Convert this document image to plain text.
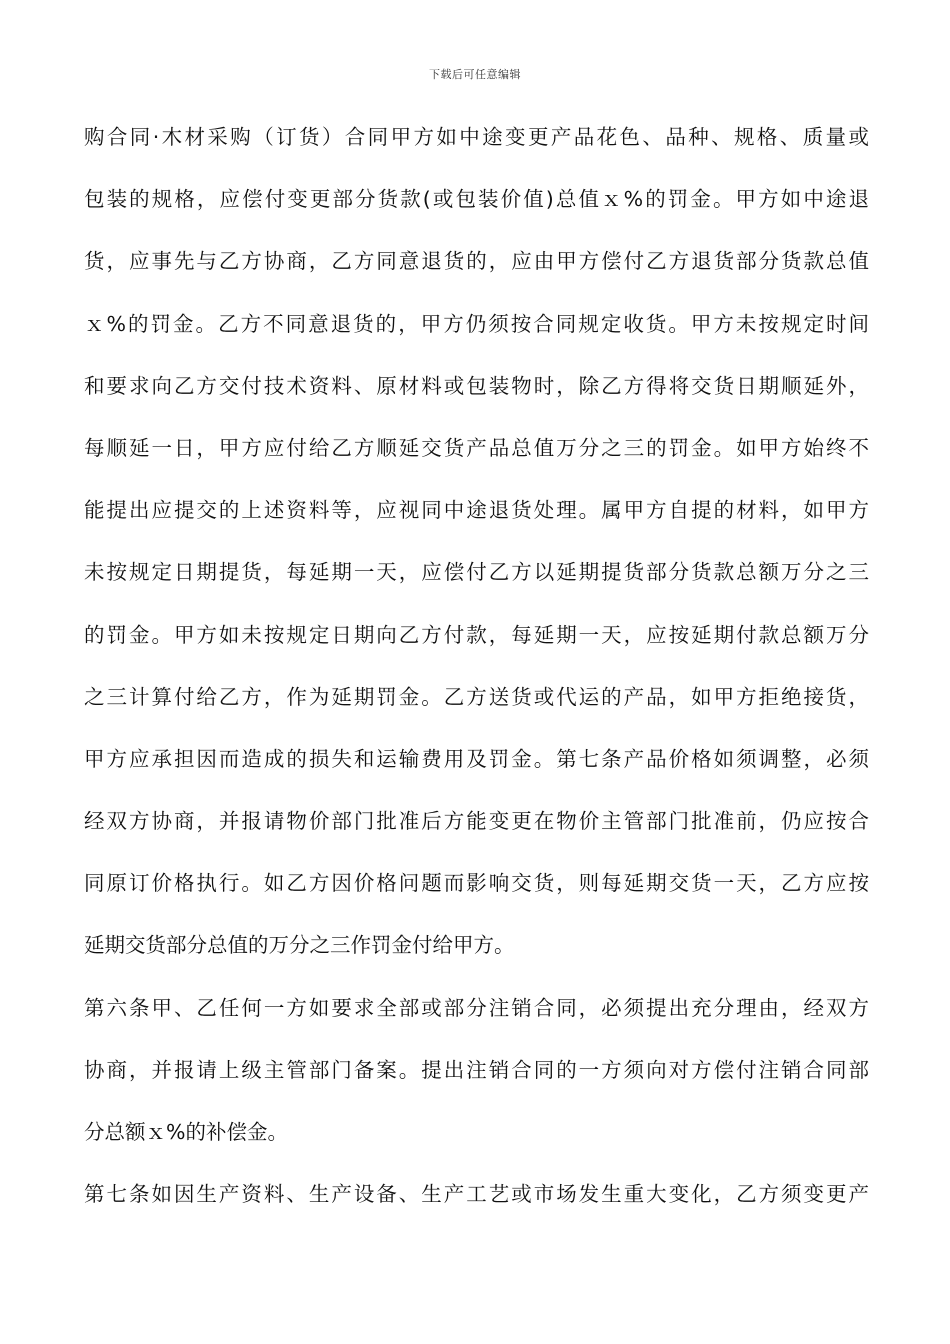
下载后可任意编辑
购合同·木材采购（订货）合同甲方如中途变更产品花色、品种、规格、质量或
包装的规格，应偿付变更部分货款(或包装价值)总值ｘ%的罚金。甲方如中途退
货，应事先与乙方协商，乙方同意退货的，应由甲方偿付乙方退货部分货款总值
ｘ%的罚金。乙方不同意退货的，甲方仍须按合同规定收货。甲方未按规定时间
和要求向乙方交付技术资料、原材料或包装物时，除乙方得将交货日期顺延外，
每顺延一日，甲方应付给乙方顺延交货产品总值万分之三的罚金。如甲方始终不
能提出应提交的上述资料等，应视同中途退货处理。属甲方自提的材料，如甲方
未按规定日期提货，每延期一天，应偿付乙方以延期提货部分货款总额万分之三
的罚金。甲方如未按规定日期向乙方付款，每延期一天，应按延期付款总额万分
之三计算付给乙方，作为延期罚金。乙方送货或代运的产品，如甲方拒绝接货，
甲方应承担因而造成的损失和运输费用及罚金。第七条产品价格如须调整，必须
经双方协商，并报请物价部门批准后方能变更在物价主管部门批准前，仍应按合
同原订价格执行。如乙方因价格问题而影响交货，则每延期交货一天，乙方应按
延期交货部分总值的万分之三作罚金付给甲方。
第六条甲、乙任何一方如要求全部或部分注销合同，必须提出充分理由，经双方
协商，并报请上级主管部门备案。提出注销合同的一方须向对方偿付注销合同部
分总额ｘ%的补偿金。
第七条如因生产资料、生产设备、生产工艺或市场发生重大变化，乙方须变更产
